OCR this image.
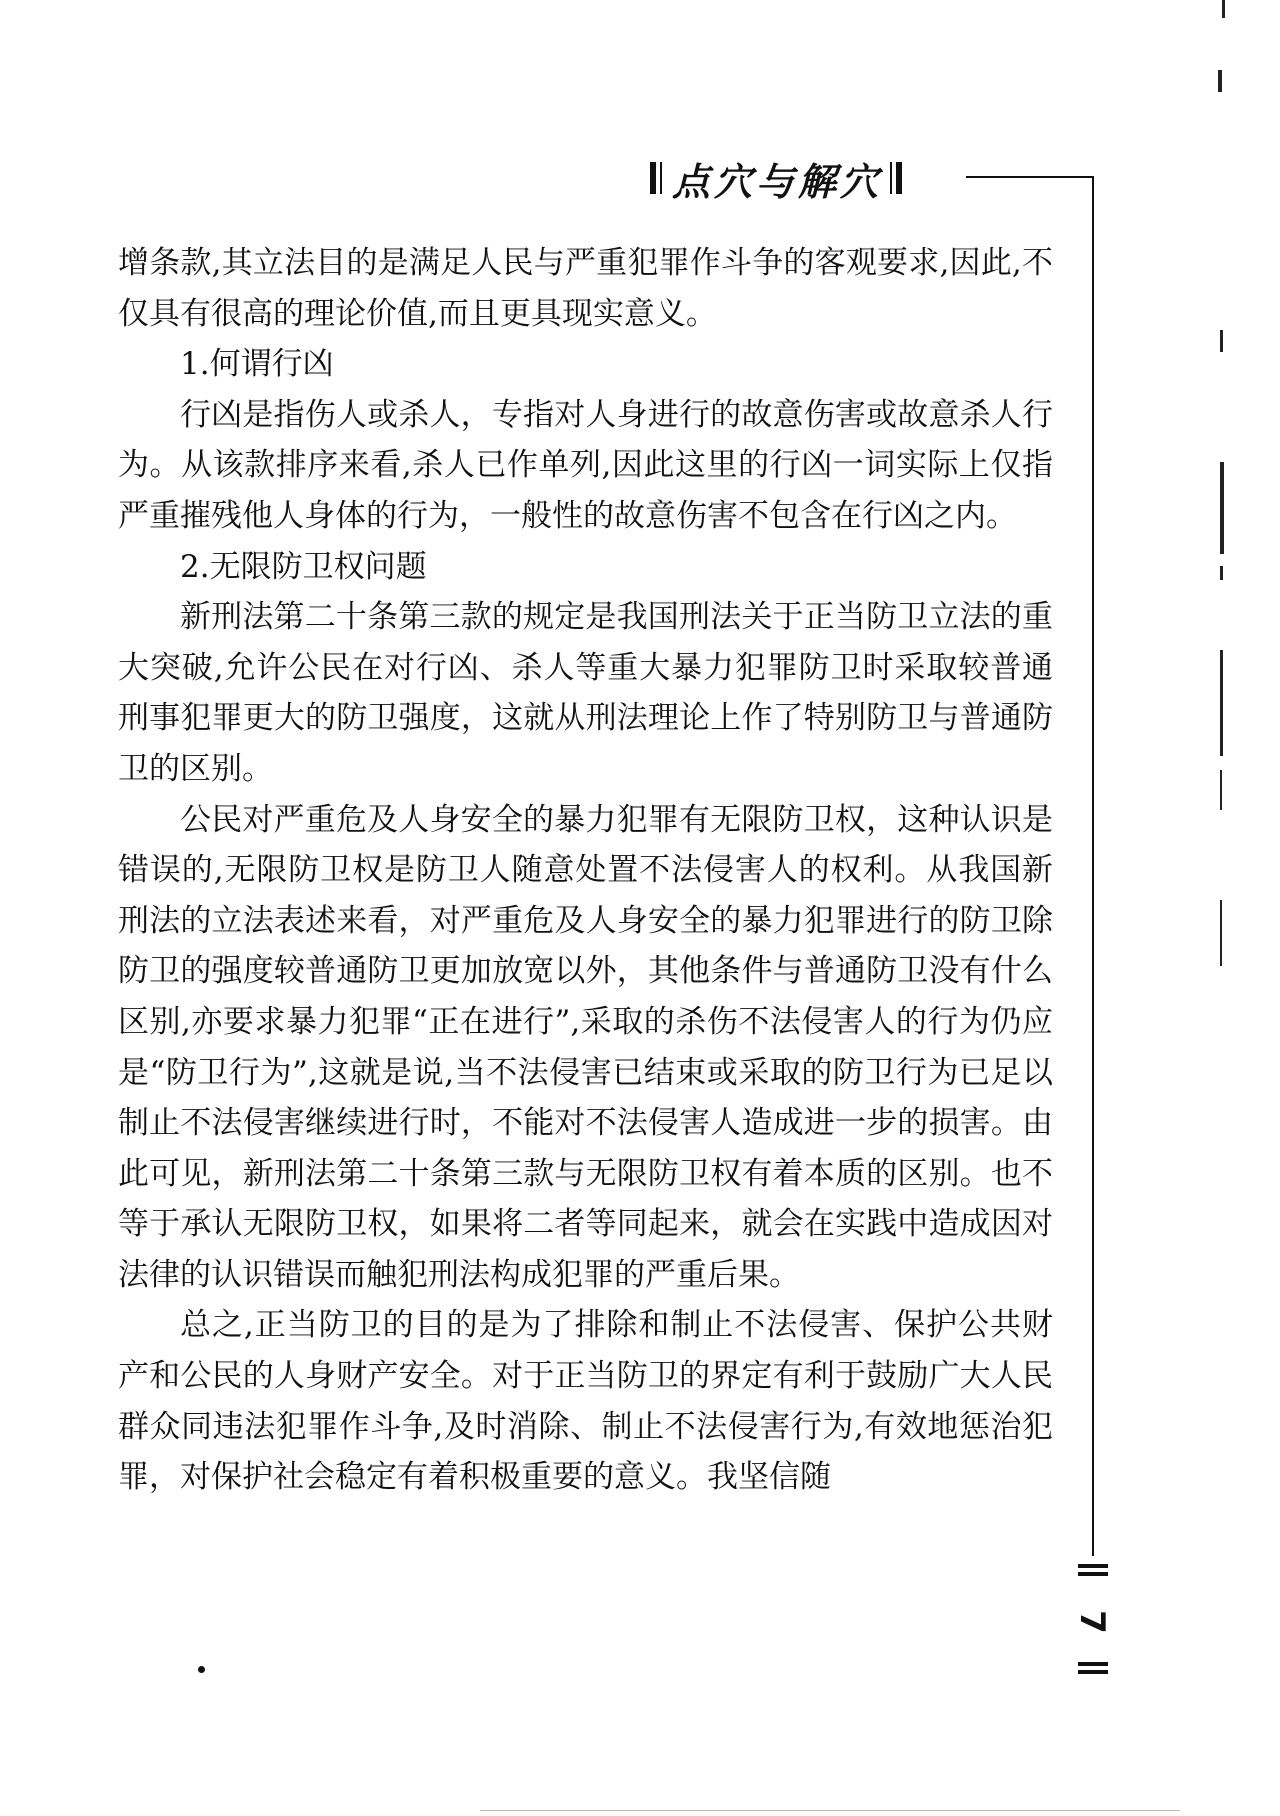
点穴与解穴

增条款,其立法目的是满足人民与严重犯罪作斗争的客观要求,因此,不仅具有很高的理论价值,而且更具现实意义。

1.何谓行凶

行凶是指伤人或杀人，专指对人身进行的故意伤害或故意杀人行为。从该款排序来看,杀人已作单列,因此这里的行凶一词实际上仅指严重摧残他人身体的行为，一般性的故意伤害不包含在行凶之内。

2.无限防卫权问题

新刑法第二十条第三款的规定是我国刑法关于正当防卫立法的重大突破,允许公民在对行凶、杀人等重大暴力犯罪防卫时采取较普通刑事犯罪更大的防卫强度，这就从刑法理论上作了特别防卫与普通防卫的区别。

公民对严重危及人身安全的暴力犯罪有无限防卫权，这种认识是错误的,无限防卫权是防卫人随意处置不法侵害人的权利。从我国新刑法的立法表述来看，对严重危及人身安全的暴力犯罪进行的防卫除防卫的强度较普通防卫更加放宽以外，其他条件与普通防卫没有什么区别,亦要求暴力犯罪“正在进行”,采取的杀伤不法侵害人的行为仍应是“防卫行为”,这就是说,当不法侵害已结束或采取的防卫行为已足以制止不法侵害继续进行时，不能对不法侵害人造成进一步的损害。由此可见，新刑法第二十条第三款与无限防卫权有着本质的区别。也不等于承认无限防卫权，如果将二者等同起来，就会在实践中造成因对法律的认识错误而触犯刑法构成犯罪的严重后果。

总之,正当防卫的目的是为了排除和制止不法侵害、保护公共财产和公民的人身财产安全。对于正当防卫的界定有利于鼓励广大人民群众同违法犯罪作斗争,及时消除、制止不法侵害行为,有效地惩治犯罪，对保护社会稳定有着积极重要的意义。我坚信随

7
